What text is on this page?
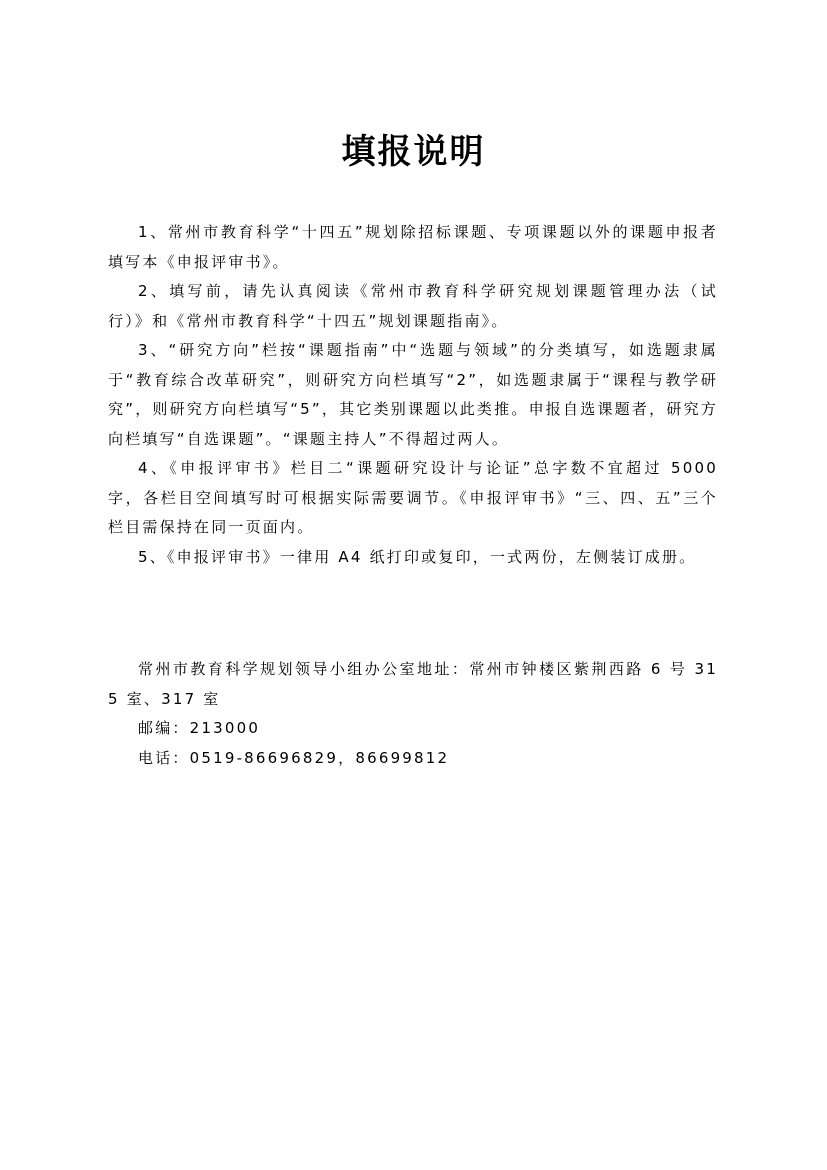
填报说明

1、常州市教育科学“十四五”规划除招标课题、专项课题以外的课题申报者填写本《申报评审书》。

2、填写前，请先认真阅读《常州市教育科学研究规划课题管理办法（试行）》和《常州市教育科学“十四五”规划课题指南》。

3、“研究方向”栏按“课题指南”中“选题与领域”的分类填写，如选题隶属于“教育综合改革研究”，则研究方向栏填写“2”，如选题隶属于“课程与教学研究”，则研究方向栏填写“5”，其它类别课题以此类推。申报自选课题者，研究方向栏填写“自选课题”。“课题主持人”不得超过两人。

4、《申报评审书》栏目二“课题研究设计与论证”总字数不宜超过 5000 字，各栏目空间填写时可根据实际需要调节。《申报评审书》“三、四、五”三个栏目需保持在同一页面内。

5、《申报评审书》一律用 A4 纸打印或复印，一式两份，左侧装订成册。

常州市教育科学规划领导小组办公室地址：常州市钟楼区紫荆西路 6 号 315 室、317 室

邮编：213000

电话：0519-86696829，86699812
